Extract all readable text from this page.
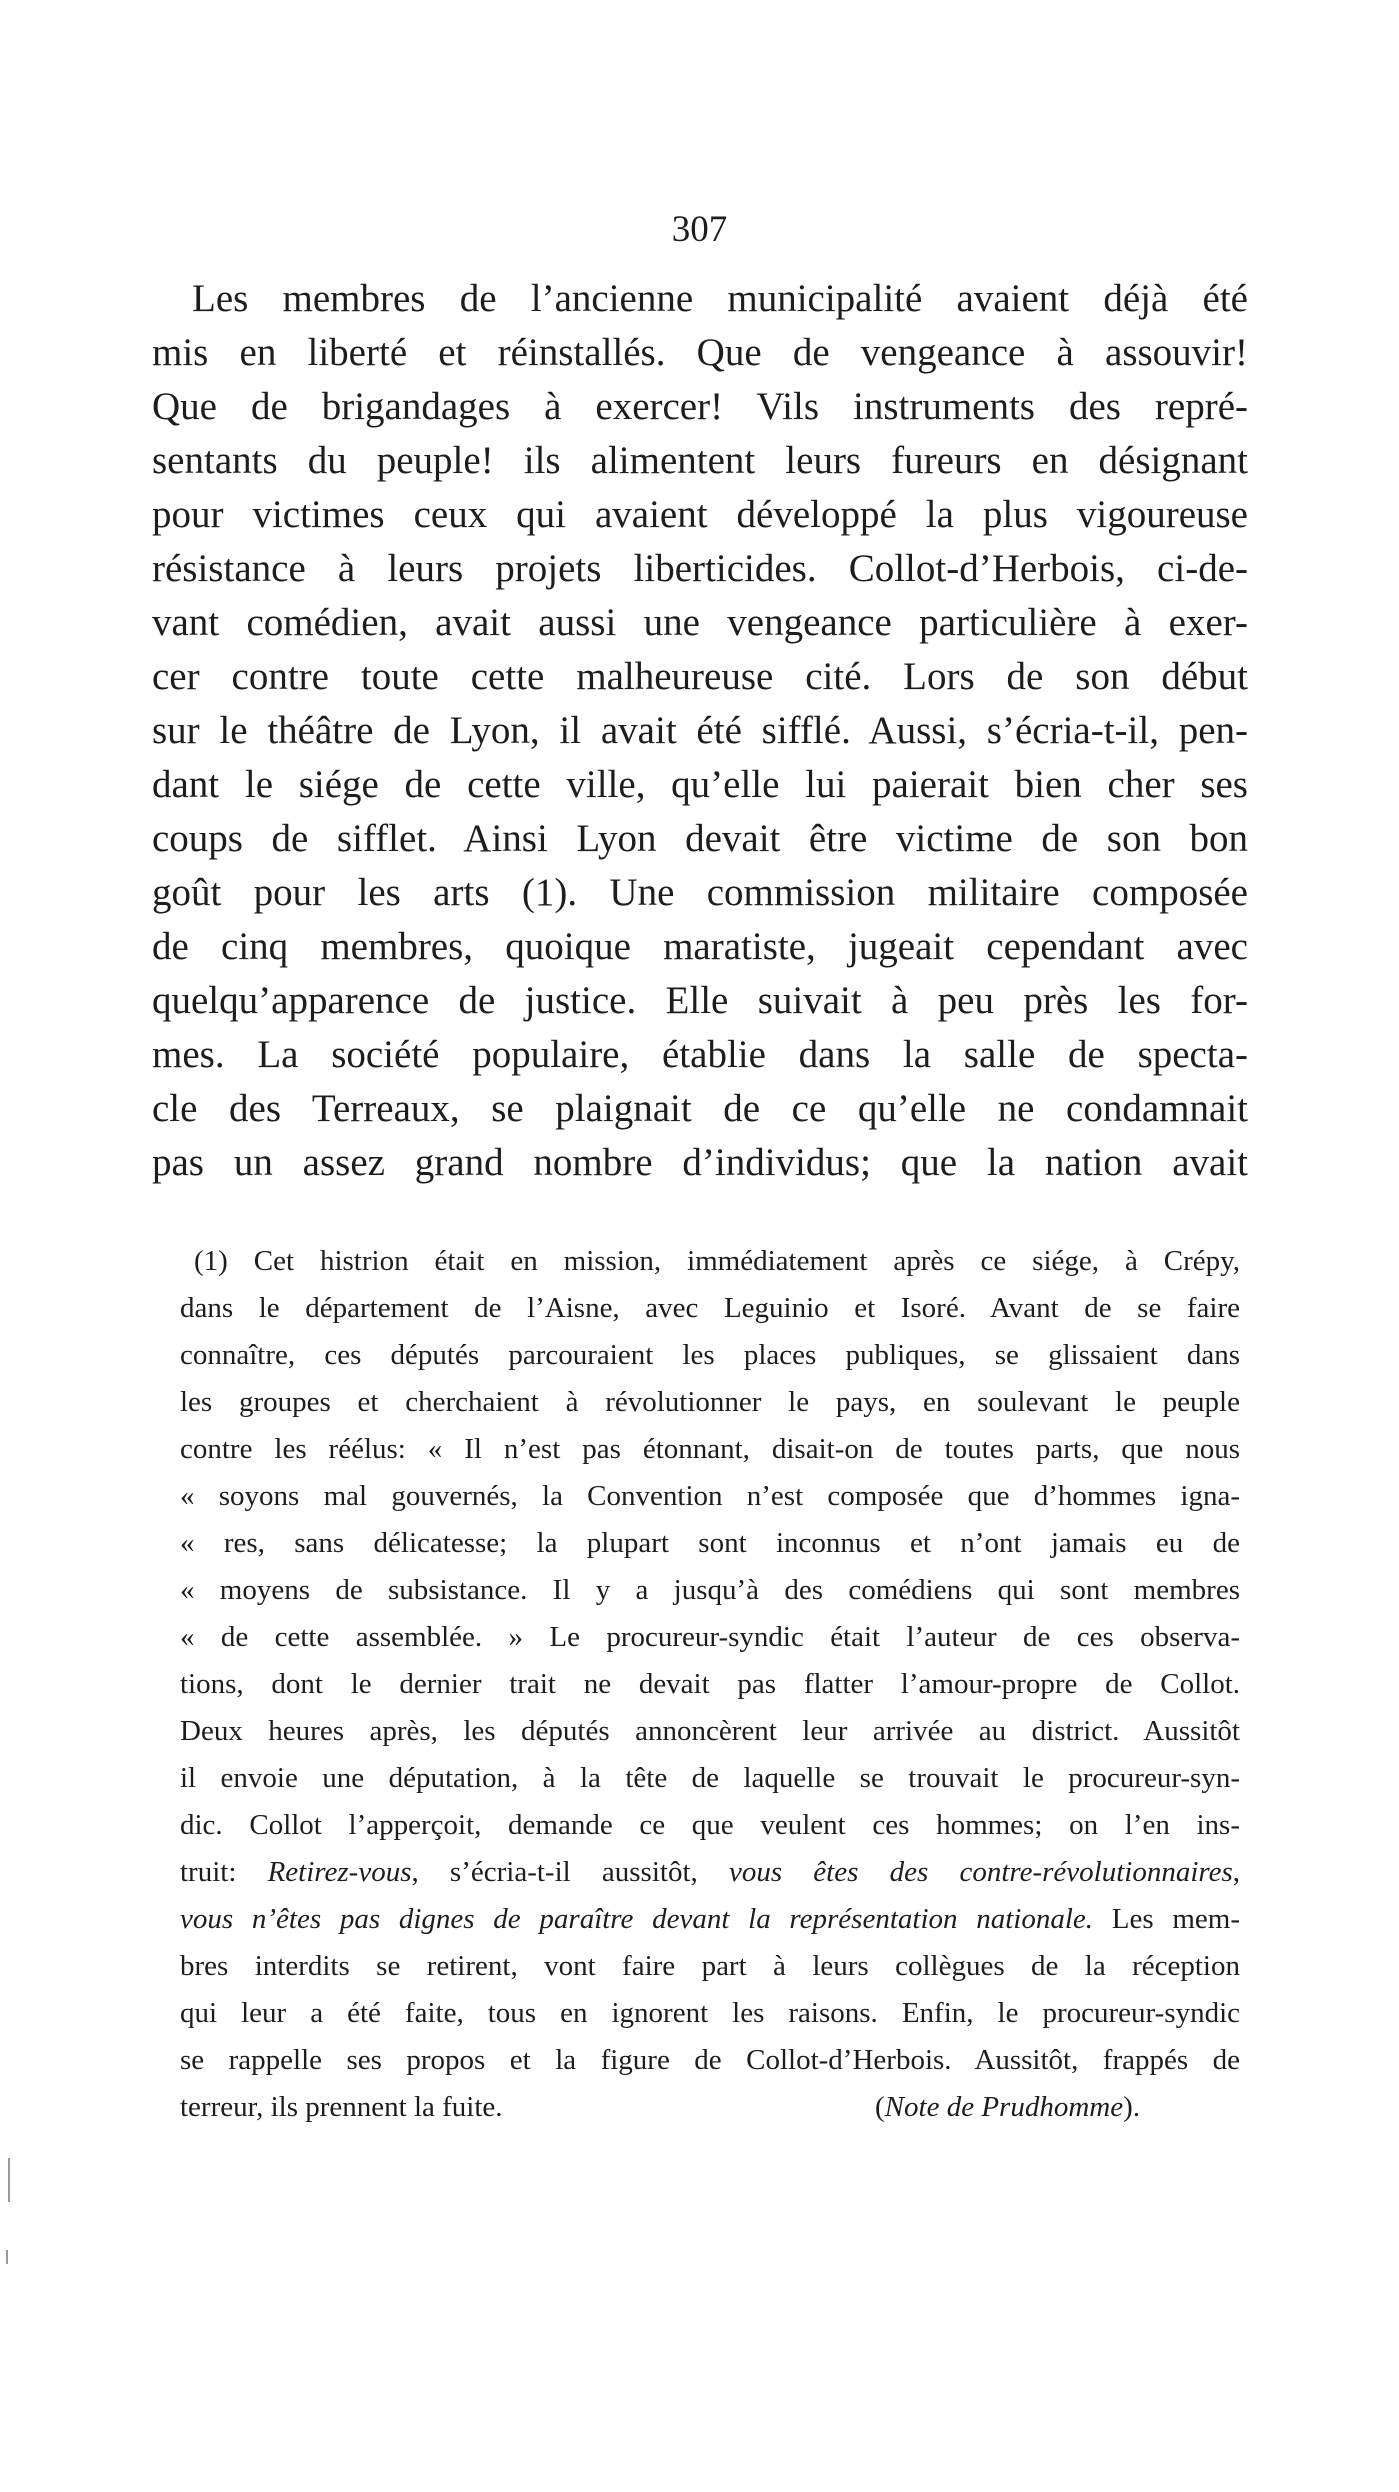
307
Les membres de l’ancienne municipalité avaient déjà été
mis en liberté et réinstallés. Que de vengeance à assouvir!
Que de brigandages à exercer! Vils instruments des repré-
sentants du peuple! ils alimentent leurs fureurs en désignant
pour victimes ceux qui avaient développé la plus vigoureuse
résistance à leurs projets liberticides. Collot-d’Herbois, ci-de-
vant comédien, avait aussi une vengeance particulière à exer-
cer contre toute cette malheureuse cité. Lors de son début
sur le théâtre de Lyon, il avait été sifflé. Aussi, s’écria-t-il, pen-
dant le siége de cette ville, qu’elle lui paierait bien cher ses
coups de sifflet. Ainsi Lyon devait être victime de son bon
goût pour les arts (1). Une commission militaire composée
de cinq membres, quoique maratiste, jugeait cependant avec
quelqu’apparence de justice. Elle suivait à peu près les for-
mes. La société populaire, établie dans la salle de specta-
cle des Terreaux, se plaignait de ce qu’elle ne condamnait
pas un assez grand nombre d’individus; que la nation avait
(1) Cet histrion était en mission, immédiatement après ce siége, à Crépy,
dans le département de l’Aisne, avec Leguinio et Isoré. Avant de se faire
connaître, ces députés parcouraient les places publiques, se glissaient dans
les groupes et cherchaient à révolutionner le pays, en soulevant le peuple
contre les réélus: « Il n’est pas étonnant, disait-on de toutes parts, que nous
« soyons mal gouvernés, la Convention n’est composée que d’hommes igna-
« res, sans délicatesse; la plupart sont inconnus et n’ont jamais eu de
« moyens de subsistance. Il y a jusqu’à des comédiens qui sont membres
« de cette assemblée. » Le procureur-syndic était l’auteur de ces observa-
tions, dont le dernier trait ne devait pas flatter l’amour-propre de Collot.
Deux heures après, les députés annoncèrent leur arrivée au district. Aussitôt
il envoie une députation, à la tête de laquelle se trouvait le procureur-syn-
dic. Collot l’apperçoit, demande ce que veulent ces hommes; on l’en ins-
truit: Retirez-vous, s’écria-t-il aussitôt, vous êtes des contre-révolutionnaires,
vous n’êtes pas dignes de paraître devant la représentation nationale. Les mem-
bres interdits se retirent, vont faire part à leurs collègues de la réception
qui leur a été faite, tous en ignorent les raisons. Enfin, le procureur-syndic
se rappelle ses propos et la figure de Collot-d’Herbois. Aussitôt, frappés de
terreur, ils prennent la fuite.	(Note de Prudhomme).
